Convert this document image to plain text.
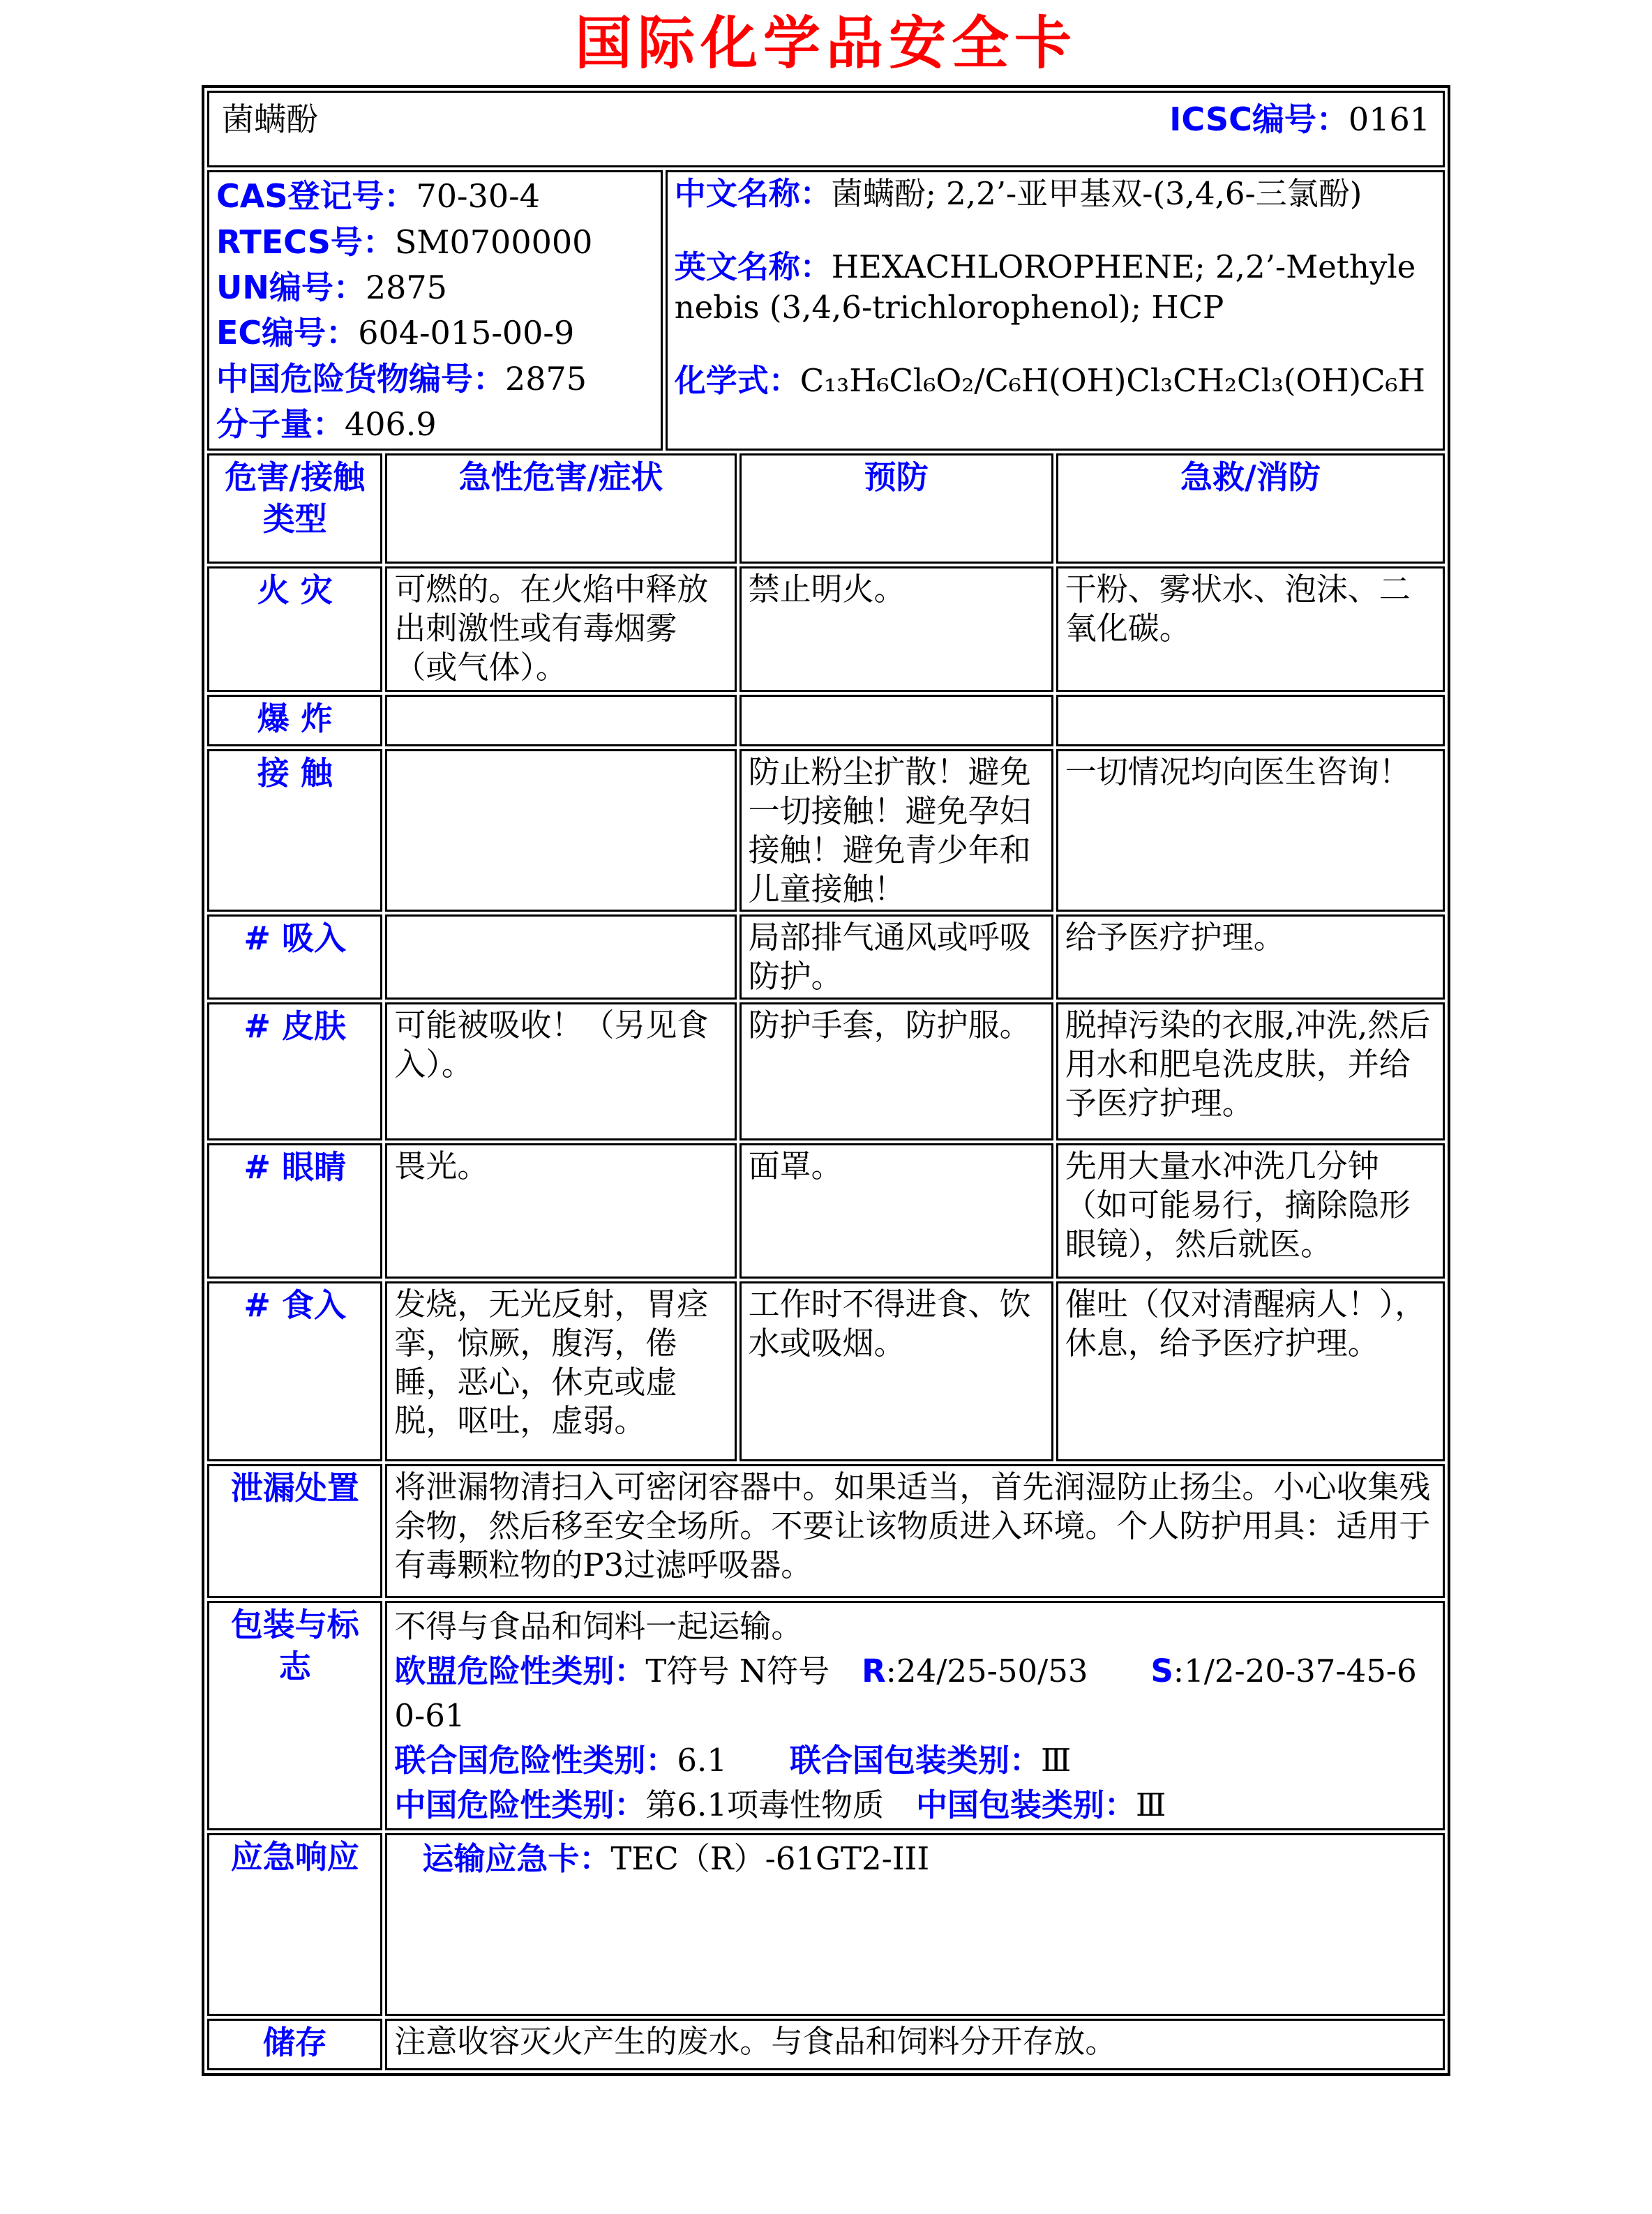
国际化学品安全卡
菌螨酚 ICSC编号：0161				

CAS登记号：70-30-4
RTECS号：SM0700000
UN编号：2875
EC编号：604-015-00-9
中国危险货物编号：2875
分子量：406.9

中文名称：菌螨酚; 2,2’-亚甲基双-(3,4,6-三氯酚)

英文名称：HEXACHLOROPHENE; 2,2’-Methylenebis (3,4,6-trichlorophenol); HCP

化学式：C₁₃H₆Cl₆O₂/C₆H(OH)Cl₃CH₂Cl₃(OH)C₆H

危害/接触类型	急性危害/症状		预防	急救/消防
火 灾	可燃的。在火焰中释放出刺激性或有毒烟雾（或气体）。		禁止明火。	干粉、雾状水、泡沫、二氧化碳。
爆 炸				
接 触			防止粉尘扩散！避免一切接触！避免孕妇接触！避免青少年和儿童接触！	一切情况均向医生咨询！
# 吸入			局部排气通风或呼吸防护。	给予医疗护理。
# 皮肤	可能被吸收！（另见食入）。		防护手套，防护服。	脱掉污染的衣服,冲洗,然后用水和肥皂洗皮肤，并给予医疗护理。
# 眼睛	畏光。		面罩。	先用大量水冲洗几分钟（如可能易行，摘除隐形眼镜），然后就医。
# 食入	发烧，无光反射，胃痉挛，惊厥，腹泻，倦睡，恶心，休克或虚脱，呕吐，虚弱。		工作时不得进食、饮水或吸烟。	催吐（仅对清醒病人！），休息，给予医疗护理。
泄漏处置	将泄漏物清扫入可密闭容器中。如果适当，首先润湿防止扬尘。小心收集残余物，然后移至安全场所。不要让该物质进入环境。个人防护用具：适用于有毒颗粒物的P3过滤呼吸器。			
包装与标志	不得与食品和饲料一起运输。
欧盟危险性类别：T符号 N符号 R:24/25-50/53 S:1/2-20-37-45-60-61
联合国危险性类别：6.1 联合国包装类别：Ⅲ
中国危险性类别：第6.1项毒性物质 中国包装类别：Ⅲ			

应急响应	运输应急卡：TEC（R）-61GT2-III			

储存	注意收容灭火产生的废水。与食品和饲料分开存放。			
